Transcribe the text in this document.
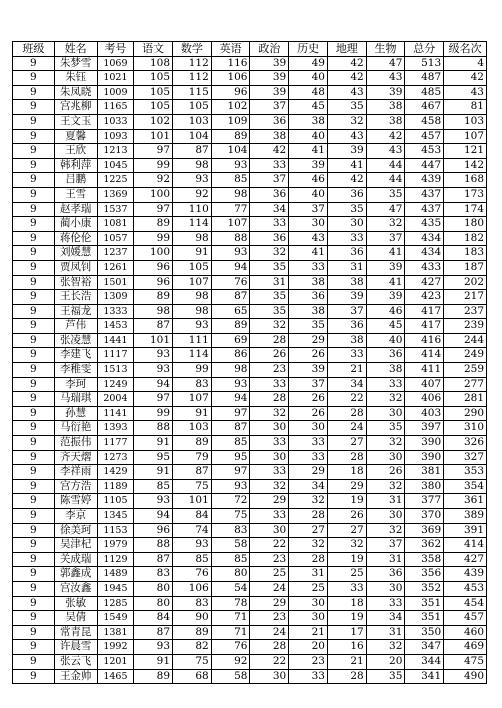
班级	姓名	考号	语文	数学	英语	政治	历史	地理	生物	总分	级名次
9	朱梦雪	1069	108	112	116	39	49	42	47	513	4
9	朱钰	1021	105	112	106	39	40	42	43	487	42
9	朱凤晓	1009	105	115	96	39	48	43	39	485	43
9	宫兆柳	1165	105	105	102	37	45	35	38	467	81
9	王文玉	1033	102	103	109	36	38	32	38	458	103
9	夏馨	1093	101	104	89	38	40	43	42	457	107
9	王欣	1213	97	87	104	42	41	39	43	453	121
9	韩利萍	1045	99	98	93	33	39	41	44	447	142
9	吕鹏	1225	92	93	85	37	46	42	44	439	168
9	王雪	1369	100	92	98	36	40	36	35	437	173
9	赵孝瑞	1537	97	110	77	34	37	35	47	437	174
9	蔺小康	1081	89	114	107	33	30	30	32	435	180
9	蒋伦伦	1057	99	98	88	36	43	33	37	434	182
9	刘媛慧	1237	100	91	93	32	41	36	41	434	183
9	贾凤钊	1261	96	105	94	35	33	31	39	433	187
9	张智裕	1501	96	107	76	31	38	38	41	427	202
9	王长浩	1309	89	98	87	35	36	39	39	423	217
9	王福龙	1333	98	98	65	35	38	37	46	417	237
9	芦伟	1453	87	93	89	32	35	36	45	417	239
9	张凌慧	1441	101	111	69	28	29	38	40	416	244
9	李建飞	1117	93	114	86	26	26	33	36	414	249
9	李稚雯	1513	93	99	98	23	39	21	38	411	259
9	李珂	1249	94	83	93	33	37	34	33	407	277
9	马瑞琪	2004	97	107	94	28	26	22	32	406	281
9	孙慧	1141	99	91	97	32	26	28	30	403	290
9	马衍艳	1393	88	103	87	30	30	24	35	397	310
9	范振伟	1177	91	89	85	33	33	27	32	390	326
9	齐天熠	1273	95	79	95	30	33	28	30	390	327
9	李祥雨	1429	91	87	97	33	29	18	26	381	353
9	宫方浩	1189	85	75	93	32	34	29	32	380	354
9	陈雪婷	1105	93	101	72	29	32	19	31	377	361
9	李京	1345	94	84	75	33	28	26	30	370	389
9	徐美珂	1153	96	74	83	30	27	27	32	369	391
9	吴津杞	1979	88	93	58	22	32	32	37	362	414
9	关成瑞	1129	87	85	85	23	28	19	31	358	427
9	郭鑫成	1489	83	76	80	25	31	25	36	356	439
9	宫汝鑫	1945	80	106	54	24	25	33	30	352	453
9	张敏	1285	80	83	78	29	30	18	33	351	454
9	吴倩	1549	84	90	71	23	30	19	34	351	457
9	常青昆	1381	87	89	71	24	21	17	31	350	460
9	许晨雪	1992	93	82	76	28	20	16	32	347	469
9	张云飞	1201	91	75	92	22	23	21	20	344	475
9	王金帅	1465	89	68	58	30	33	28	35	341	490
